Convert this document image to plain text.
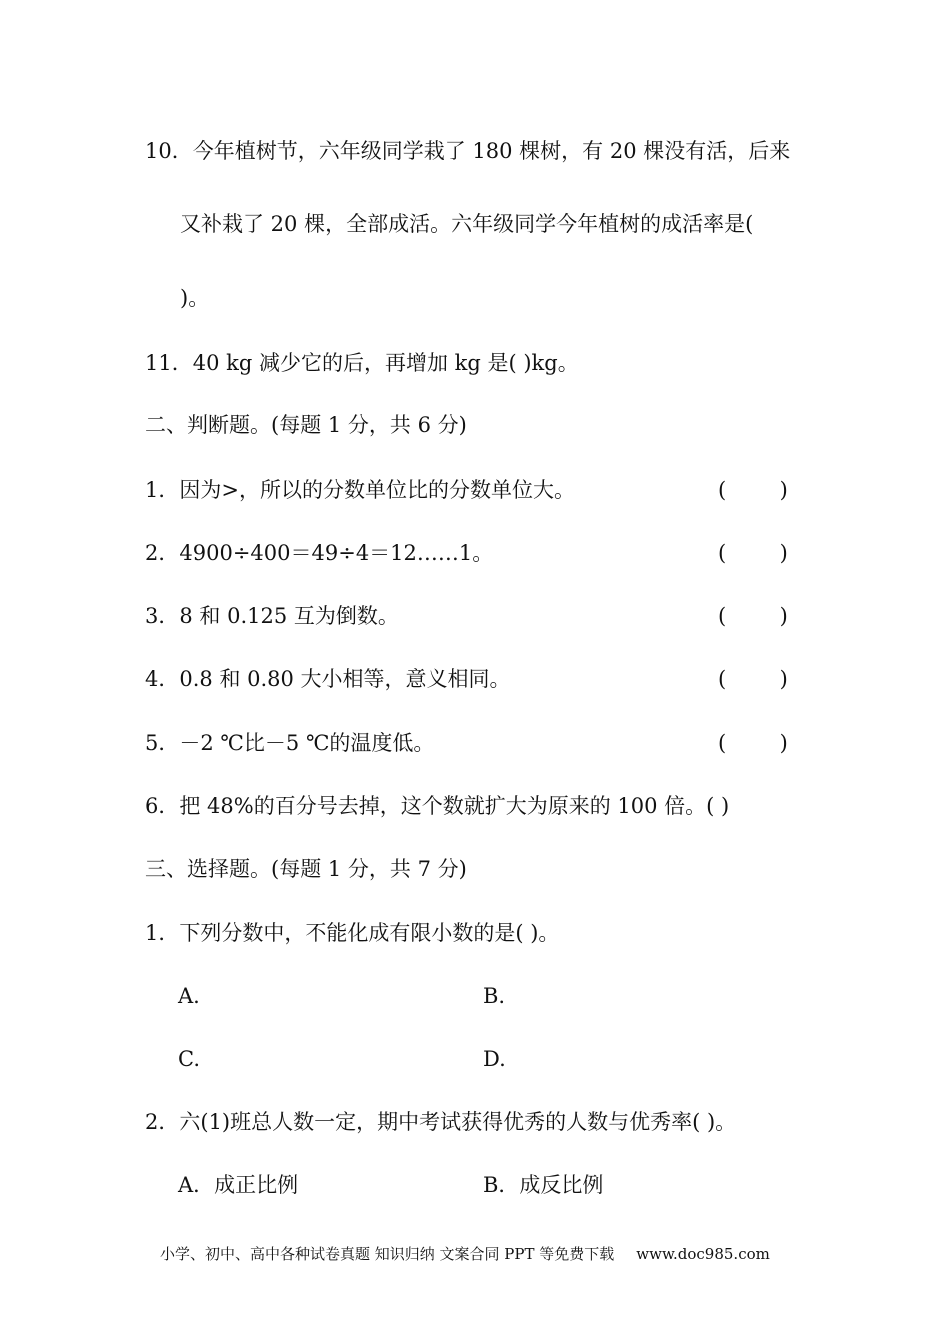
10．今年植树节，六年级同学栽了 180 棵树，有 20 棵没有活，后来
又补栽了 20 棵，全部成活。六年级同学今年植树的成活率是(
)。
11．40 kg 减少它的后，再增加 kg 是( )kg。
二、判断题。(每题 1 分，共 6 分)
1．因为>，所以的分数单位比的分数单位大。	(        )
2．4900÷400＝49÷4＝12……1。	(        )
3．8 和 0.125 互为倒数。	(        )
4．0.8 和 0.80 大小相等，意义相同。	(        )
5．－2 ℃比－5 ℃的温度低。	(        )
6．把 48%的百分号去掉，这个数就扩大为原来的 100 倍。( )
三、选择题。(每题 1 分，共 7 分)
1．下列分数中，不能化成有限小数的是( )。
A.	B.
C.	D.
2．六(1)班总人数一定，期中考试获得优秀的人数与优秀率( )。
A．成正比例	B．成反比例
小学、初中、高中各种试卷真题 知识归纳 文案合同 PPT 等免费下载 www.doc985.com
